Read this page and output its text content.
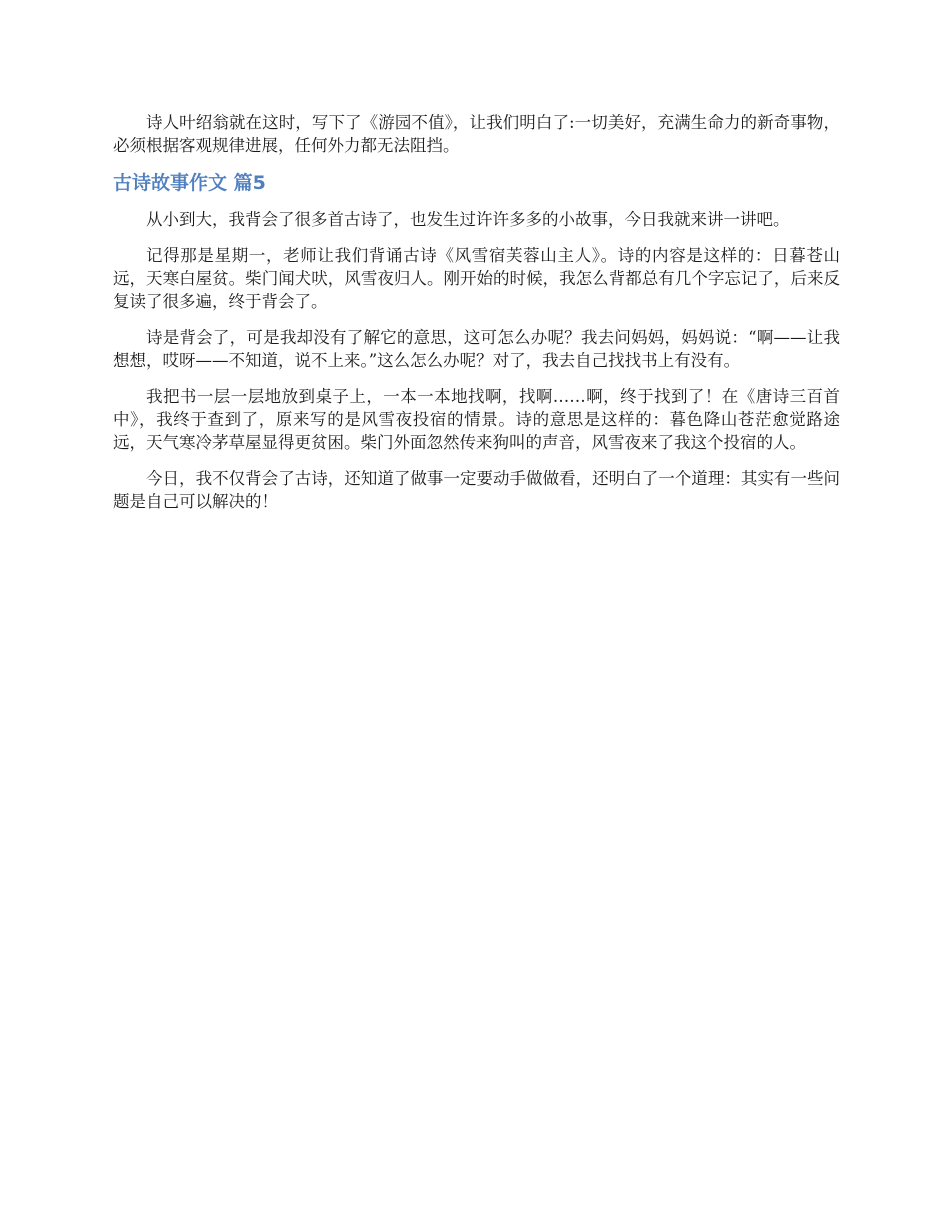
诗人叶绍翁就在这时，写下了《游园不值》，让我们明白了:一切美好，充满生命力的新奇事物，必须根据客观规律进展，任何外力都无法阻挡。

古诗故事作文 篇5

从小到大，我背会了很多首古诗了，也发生过许许多多的小故事，今日我就来讲一讲吧。

记得那是星期一，老师让我们背诵古诗《风雪宿芙蓉山主人》。诗的内容是这样的：日暮苍山远，天寒白屋贫。柴门闻犬吠，风雪夜归人。刚开始的时候，我怎么背都总有几个字忘记了，后来反复读了很多遍，终于背会了。

诗是背会了，可是我却没有了解它的意思，这可怎么办呢？我去问妈妈，妈妈说：“啊——让我想想，哎呀——不知道，说不上来。”这么怎么办呢？对了，我去自己找找书上有没有。

我把书一层一层地放到桌子上，一本一本地找啊，找啊……啊，终于找到了！在《唐诗三百首中》，我终于查到了，原来写的是风雪夜投宿的情景。诗的意思是这样的：暮色降山苍茫愈觉路途远，天气寒冷茅草屋显得更贫困。柴门外面忽然传来狗叫的声音，风雪夜来了我这个投宿的人。

今日，我不仅背会了古诗，还知道了做事一定要动手做做看，还明白了一个道理：其实有一些问题是自己可以解决的！
